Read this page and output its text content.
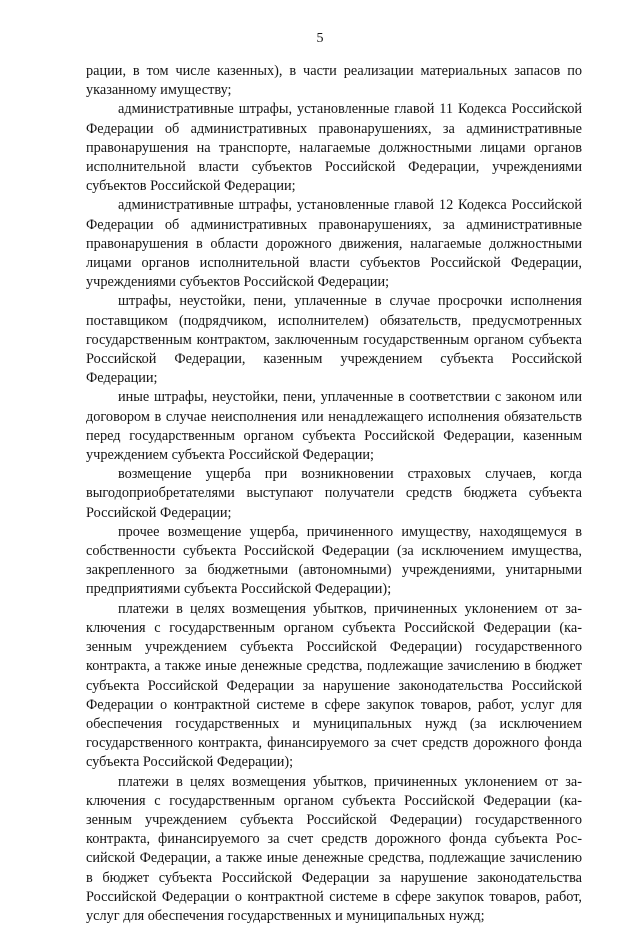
5

рации, в том числе казенных), в части реализации материальных запасов по указанному имуществу;

административные штрафы, установленные главой 11 Кодекса Российской Федерации об административных правонарушениях, за административные правонарушения на транспорте, налагаемые должностными лицами органов исполнительной власти субъектов Российской Федерации, учреждениями субъектов Российской Федерации;

административные штрафы, установленные главой 12 Кодекса Российской Федерации об административных правонарушениях, за административные правонарушения в области дорожного движения, налагаемые должностными лицами органов исполнительной власти субъектов Российской Федерации, учреждениями субъектов Российской Федерации;

штрафы, неустойки, пени, уплаченные в случае просрочки исполнения поставщиком (подрядчиком, исполнителем) обязательств, предусмотренных государственным контрактом, заключенным государственным органом субъекта Российской Федерации, казенным учреждением субъекта Российской Федерации;

иные штрафы, неустойки, пени, уплаченные в соответствии с законом или договором в случае неисполнения или ненадлежащего исполнения обязательств перед государственным органом субъекта Российской Федерации, казенным учреждением субъекта Российской Федерации;

возмещение ущерба при возникновении страховых случаев, когда выгодоприобретателями выступают получатели средств бюджета субъекта Российской Федерации;

прочее возмещение ущерба, причиненного имуществу, находящемуся в собственности субъекта Российской Федерации (за исключением имущества, закрепленного за бюджетными (автономными) учреждениями, унитарными предприятиями субъекта Российской Федерации);

платежи в целях возмещения убытков, причиненных уклонением от заключения с государственным органом субъекта Российской Федерации (казенным учреждением субъекта Российской Федерации) государственного контракта, а также иные денежные средства, подлежащие зачислению в бюджет субъекта Российской Федерации за нарушение законодательства Российской Федерации о контрактной системе в сфере закупок товаров, работ, услуг для обеспечения государственных и муниципальных нужд (за исключением государственного контракта, финансируемого за счет средств дорожного фонда субъекта Российской Федерации);

платежи в целях возмещения убытков, причиненных уклонением от заключения с государственным органом субъекта Российской Федерации (казенным учреждением субъекта Российской Федерации) государственного контракта, финансируемого за счет средств дорожного фонда субъекта Российской Федерации, а также иные денежные средства, подлежащие зачислению в бюджет субъекта Российской Федерации за нарушение законодательства Российской Федерации о контрактной системе в сфере закупок товаров, работ, услуг для обеспечения государственных и муниципальных нужд;
